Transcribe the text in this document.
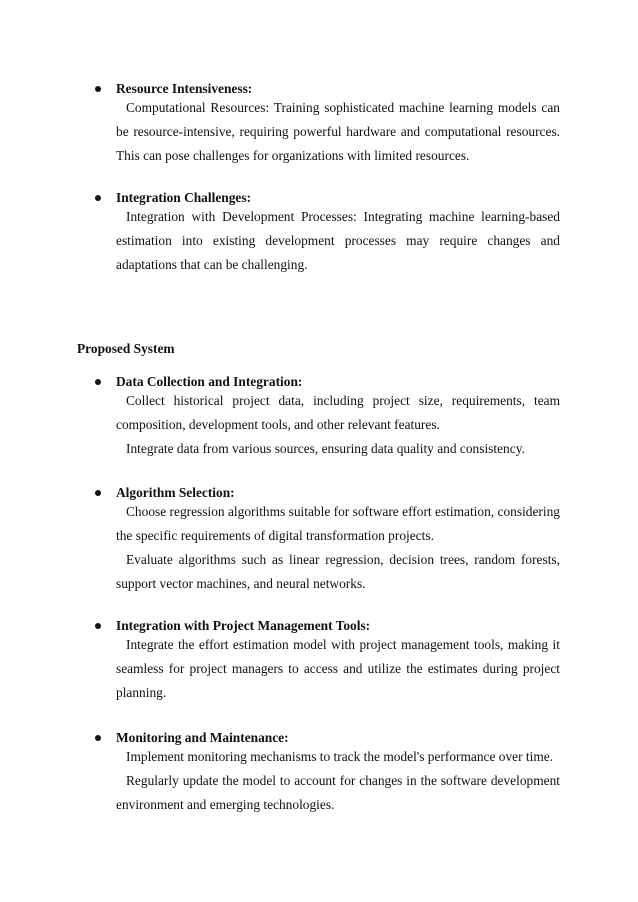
Resource Intensiveness:
Computational Resources: Training sophisticated machine learning models can be resource-intensive, requiring powerful hardware and computational resources. This can pose challenges for organizations with limited resources.
Integration Challenges:
Integration with Development Processes: Integrating machine learning-based estimation into existing development processes may require changes and adaptations that can be challenging.
Proposed System
Data Collection and Integration:
Collect historical project data, including project size, requirements, team composition, development tools, and other relevant features.
Integrate data from various sources, ensuring data quality and consistency.
Algorithm Selection:
Choose regression algorithms suitable for software effort estimation, considering the specific requirements of digital transformation projects.
Evaluate algorithms such as linear regression, decision trees, random forests, support vector machines, and neural networks.
Integration with Project Management Tools:
Integrate the effort estimation model with project management tools, making it seamless for project managers to access and utilize the estimates during project planning.
Monitoring and Maintenance:
Implement monitoring mechanisms to track the model's performance over time.
Regularly update the model to account for changes in the software development environment and emerging technologies.
